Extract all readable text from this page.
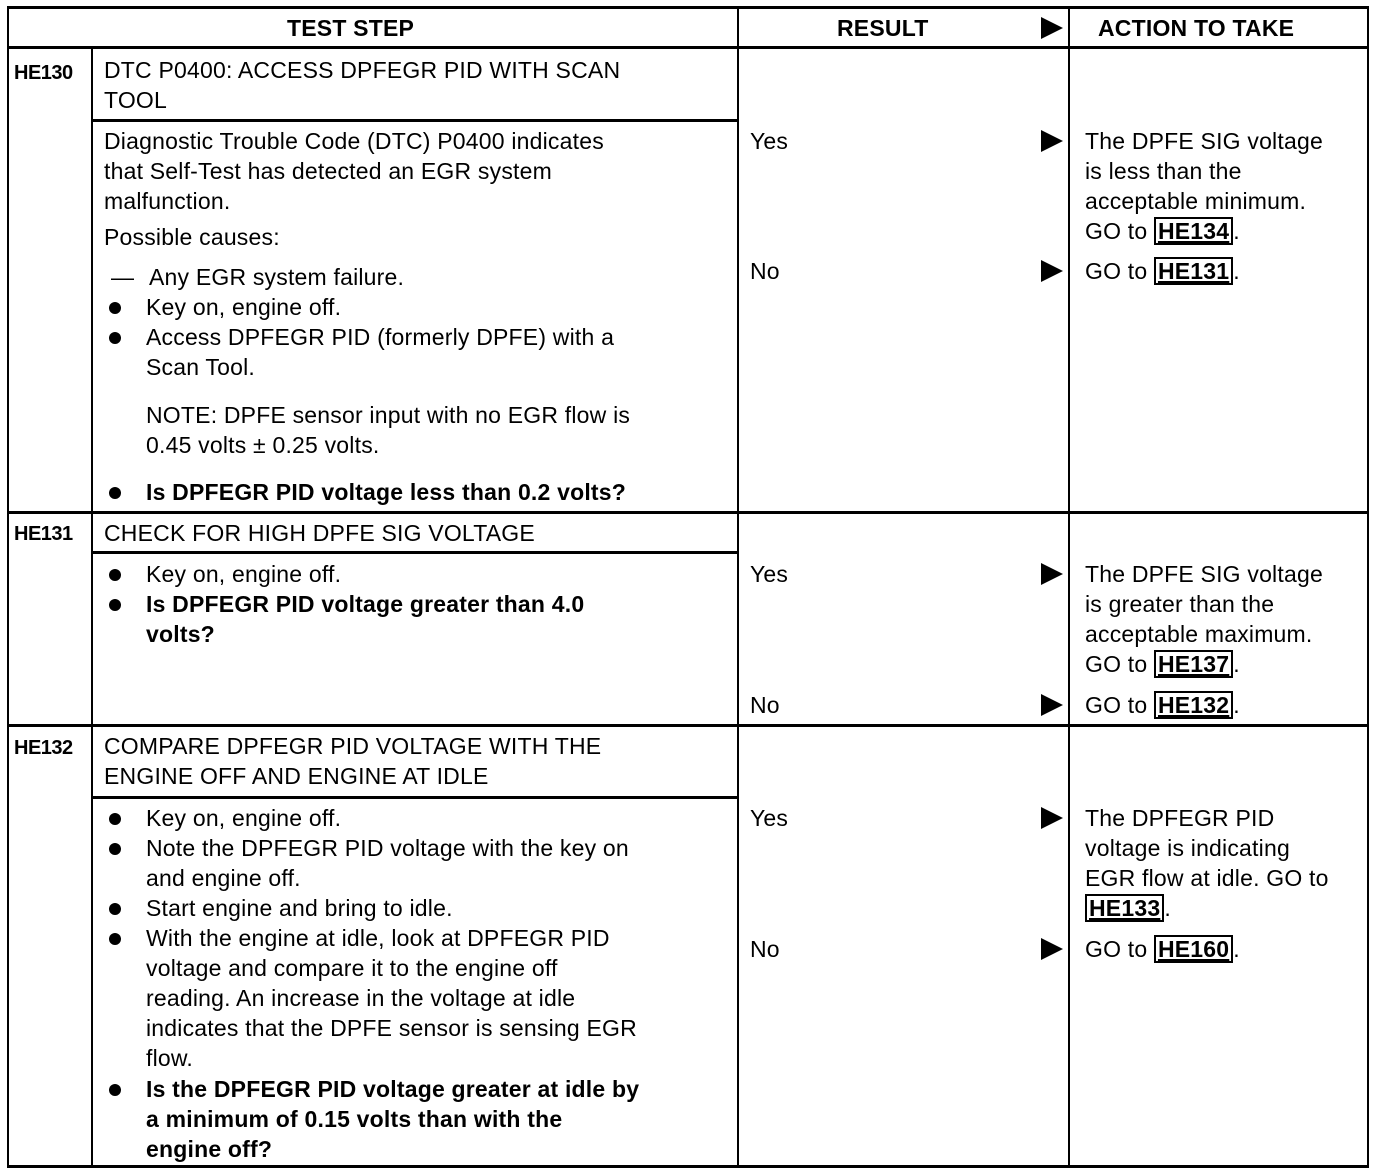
TEST STEP	RESULT	ACTION TO TAKE
HE130 DTC P0400: ACCESS DPFEGR PID WITH SCAN
TOOL
Diagnostic Trouble Code (DTC) P0400 indicates
that Self-Test has detected an EGR system
malfunction.
Possible causes:
— Any EGR system failure.
Key on, engine off.
Access DPFEGR PID (formerly DPFE) with a
Scan Tool.
NOTE: DPFE sensor input with no EGR flow is
0.45 volts ± 0.25 volts.
Is DPFEGR PID voltage less than 0.2 volts?
Yes	The DPFE SIG voltage
is less than the
acceptable minimum.
GO to HE134 .
No	GO to HE131 .
HE131 CHECK FOR HIGH DPFE SIG VOLTAGE
Key on, engine off.
Is DPFEGR PID voltage greater than 4.0
volts?
Yes	The DPFE SIG voltage
is greater than the
acceptable maximum.
GO to HE137 .
No	GO to HE132 .
HE132 COMPARE DPFEGR PID VOLTAGE WITH THE
ENGINE OFF AND ENGINE AT IDLE
Key on, engine off.
Note the DPFEGR PID voltage with the key on
and engine off.
Start engine and bring to idle.
With the engine at idle, look at DPFEGR PID
voltage and compare it to the engine off
reading. An increase in the voltage at idle
indicates that the DPFE sensor is sensing EGR
flow.
Is the DPFEGR PID voltage greater at idle by
a minimum of 0.15 volts than with the
engine off?
Yes	The DPFEGR PID
voltage is indicating
EGR flow at idle. GO to
HE133 .
No	GO to HE160 .
